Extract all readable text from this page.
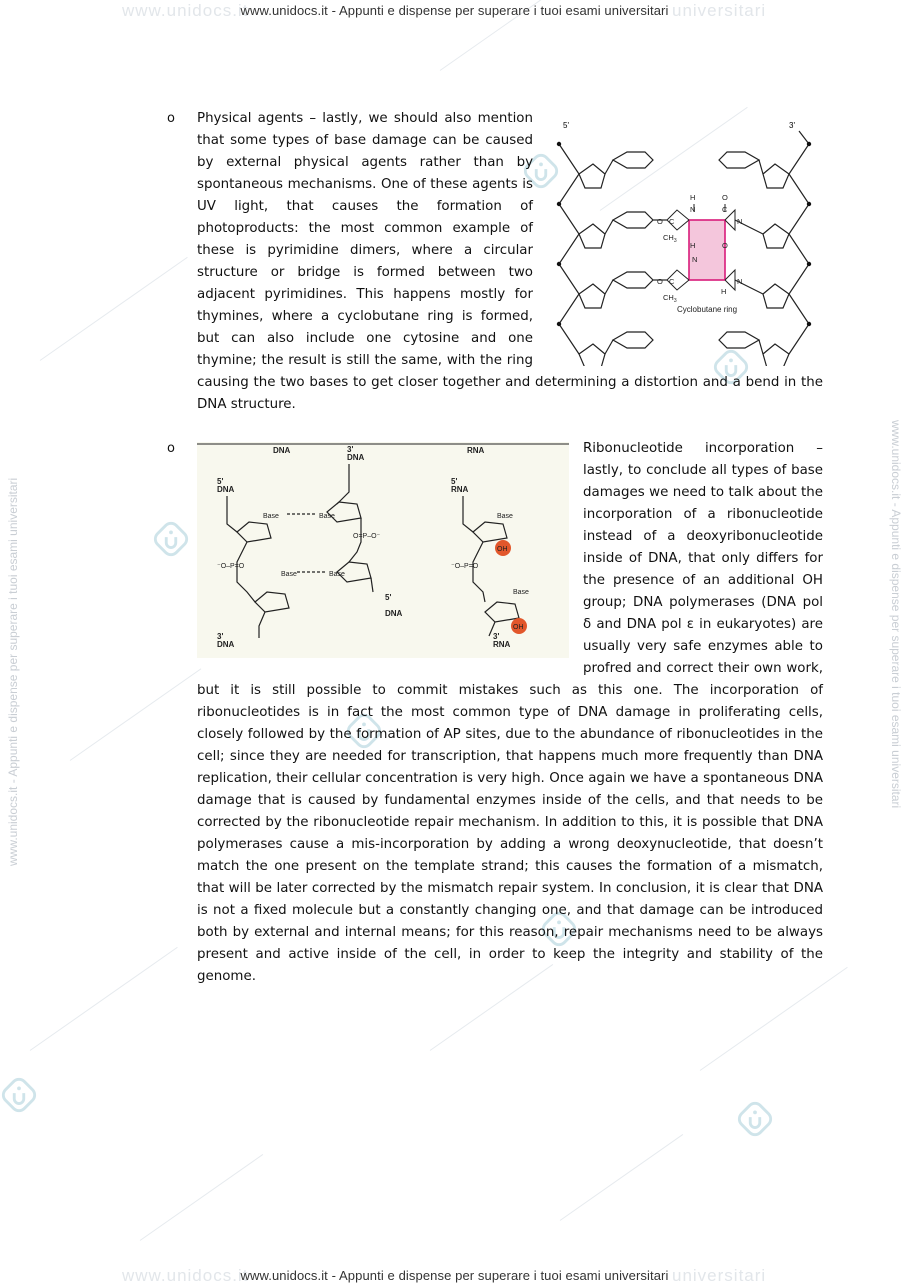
www.unidocs.it	universitari
www.unidocs.it	universitari
www.unidocs.it - Appunti e dispense per superare i tuoi esami universitari	www.unidocs.it - Appunti e dispense per superare i tuoi esami universitari
www.unidocs.it - Appunti e dispense per superare i tuoi esami universitari
www.unidocs.it - Appunti e dispense per superare i tuoi esami universitari
o	5'	3'
H
N
O
C
O C	N
H
N
O
O C	N
H
$CH_3$
$CH_3$
Cyclobutane ring

Physical agents – lastly, we should also mention that some types of base damage can be caused by external physical agents rather than by spontaneous mechanisms. One of these agents is UV light, that causes the formation of photoproducts: the most common example of these is pyrimidine dimers, where a circular structure or bridge is formed between two adjacent pyrimidines. This happens mostly for thymines, where a cyclobutane ring is formed, but can also include one cytosine and one thymine; the result is still the same, with the ring causing the two bases to get closer together and determining a distortion and a bend in the DNA structure.

o	DNA	RNA
3'
DNA
5'
DNA
3'
DNA
5'
DNA
5'
RNA
3'
RNA
Base	Base
Base	Base
Base
Base
⁻O–P=O
O=P–O⁻
⁻O–P=O
OH
OH

Ribonucleotide incorporation – lastly, to conclude all types of base damages we need to talk about the incorporation of a ribonucleotide instead of a deoxyribonucleotide inside of DNA, that only differs for the presence of an additional OH group; DNA polymerases (DNA pol δ and DNA pol ε in eukaryotes) are usually very safe enzymes able to profred and correct their own work, but it is still possible to commit mistakes such as this one. The incorporation of ribonucleotides is in fact the most common type of DNA damage in proliferating cells, closely followed by the formation of AP sites, due to the abundance of ribonucleotides in the cell; since they are needed for transcription, that happens much more frequently than DNA replication, their cellular concentration is very high. Once again we have a spontaneous DNA damage that is caused by fundamental enzymes inside of the cells, and that needs to be corrected by the ribonucleotide repair mechanism. In addition to this, it is possible that DNA polymerases cause a mis-incorporation by adding a wrong deoxynucleotide, that doesn’t match the one present on the template strand; this causes the formation of a mismatch, that will be later corrected by the mismatch repair system. In conclusion, it is clear that DNA is not a fixed molecule but a constantly changing one, and that damage can be introduced both by external and internal means; for this reason, repair mechanisms need to be always present and active inside of the cell, in order to keep the integrity and stability of the genome.
